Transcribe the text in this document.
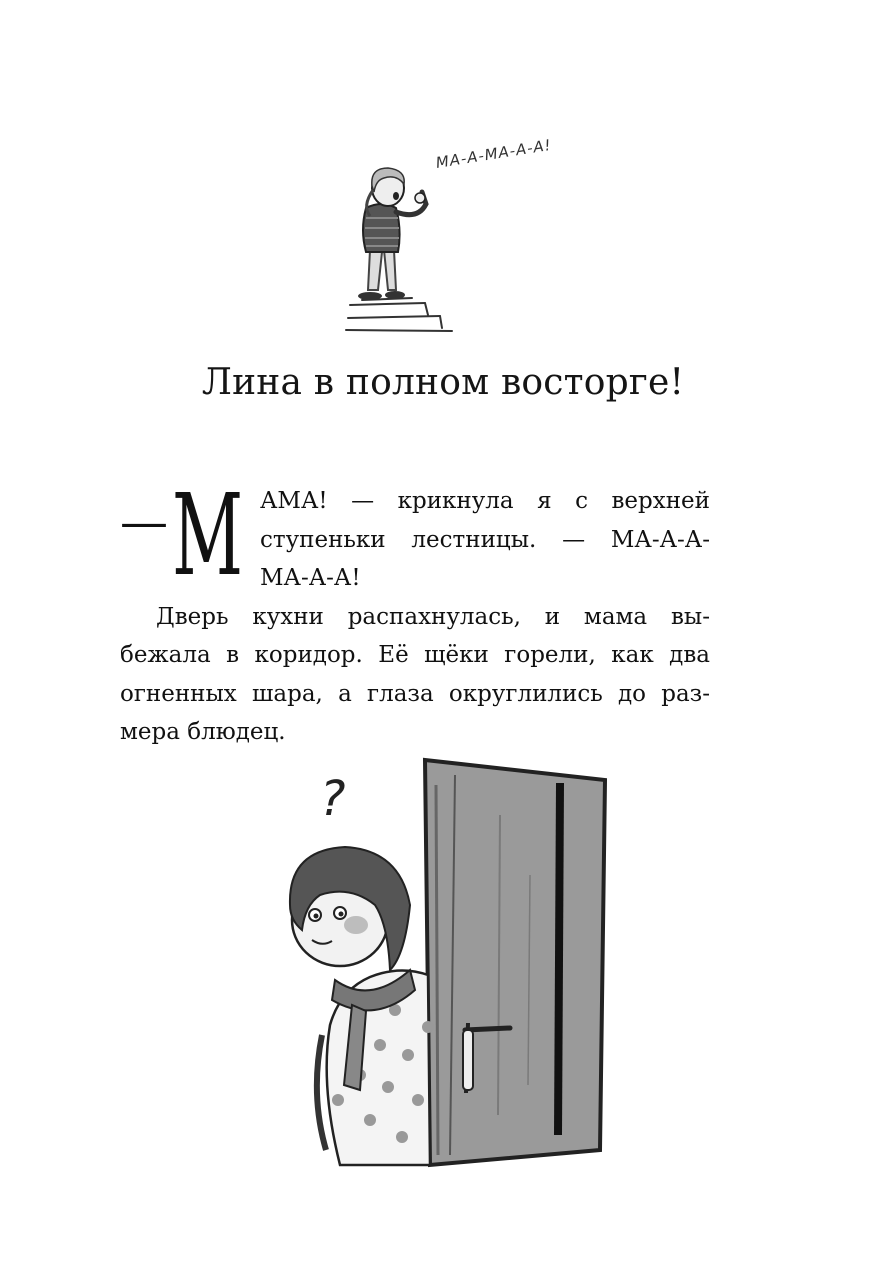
МА-А-МА-А-А!
Лина в полном восторге!
— М АМА! — крикнула я с верхней
ступеньки лестницы. — МА-А-А-
МА-А-А!

Дверь кухни распахнулась, и мама вы-
бежала в коридор. Её щёки горели, как два
огненных шара, а глаза округлились до раз-
мера блюдец.

?
